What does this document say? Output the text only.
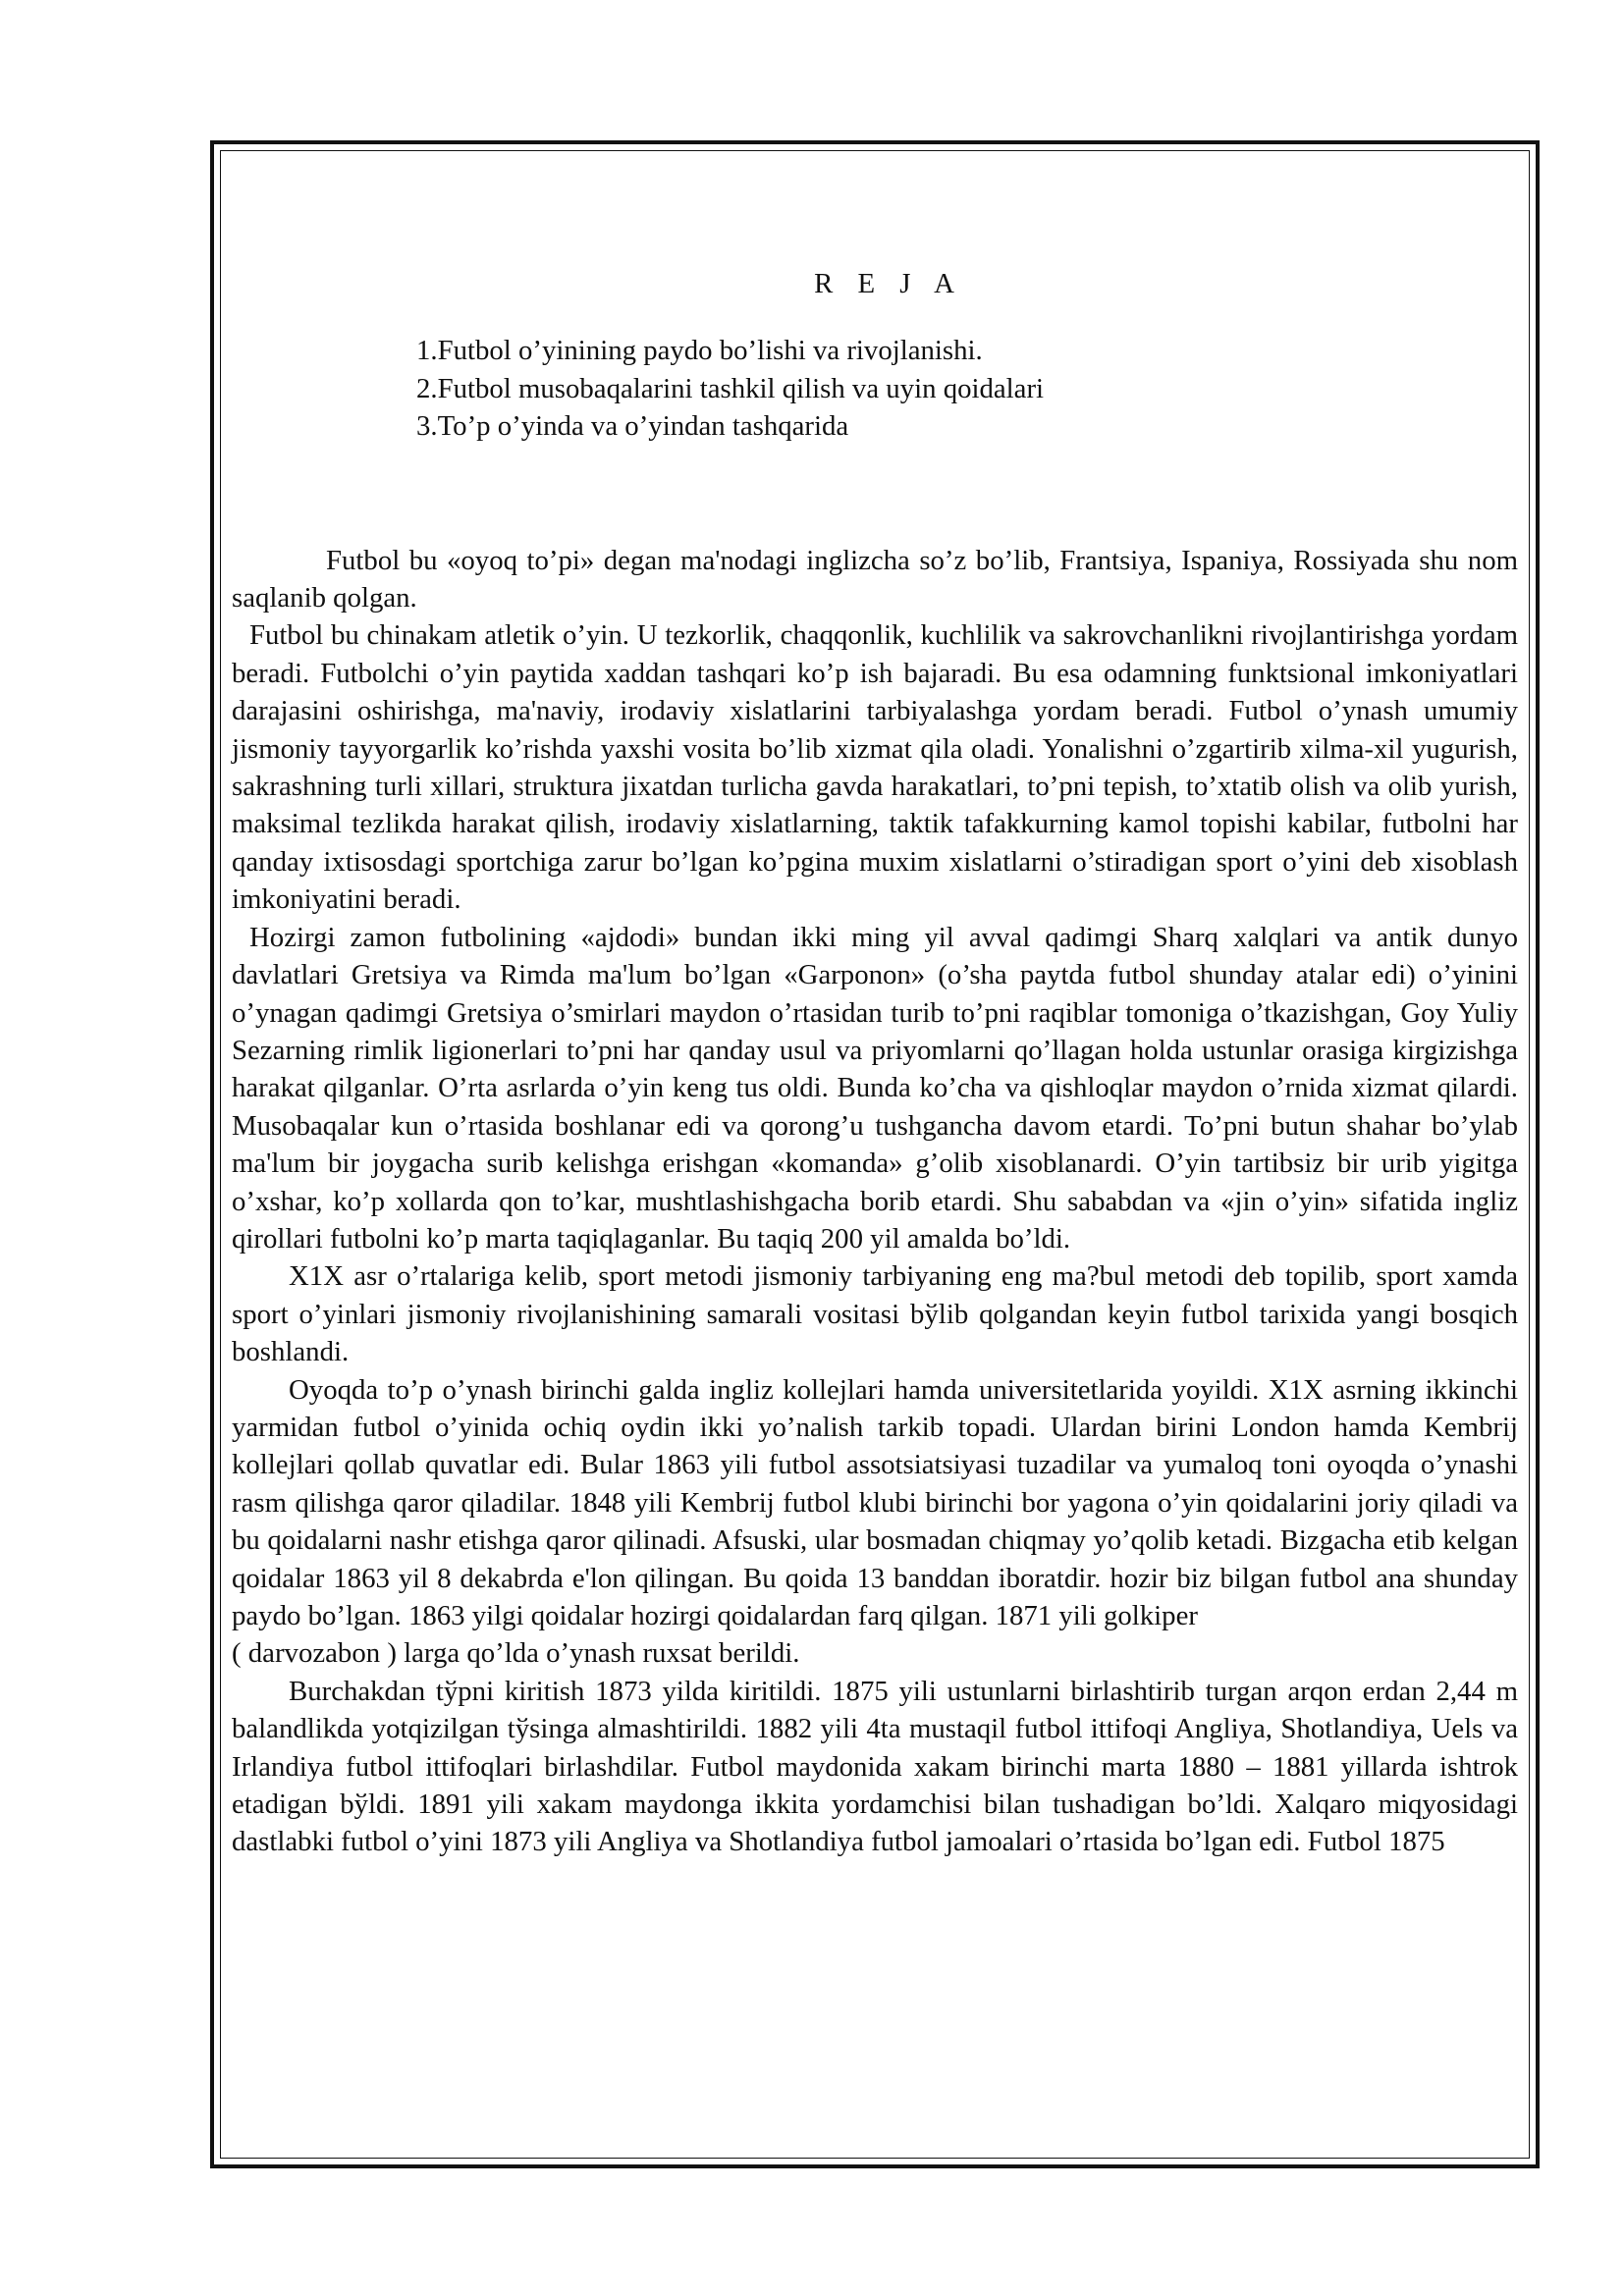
R E J A
1.Futbol o’yinining paydo bo’lishi va rivojlanishi.
2.Futbol musobaqalarini tashkil qilish va uyin qoidalari
3.To’p o’yinda va o’yindan tashqarida

Futbol bu «oyoq to’pi» degan ma'nodagi inglizcha so’z bo’lib, Frantsiya, Ispaniya, Rossiyada shu nom saqlanib qolgan.

Futbol bu chinakam atletik o’yin. U tezkorlik, chaqqonlik, kuchlilik va sakrovchanlikni rivojlantirishga yordam beradi. Futbolchi o’yin paytida xaddan tashqari ko’p ish bajaradi. Bu esa odamning funktsional imkoniyatlari darajasini oshirishga, ma'naviy, irodaviy xislatlarini tarbiyalashga yordam beradi. Futbol o’ynash umumiy jismoniy tayyorgarlik ko’rishda yaxshi vosita bo’lib xizmat qila oladi. Yonalishni o’zgartirib xilma-xil yugurish, sakrashning turli xillari, struktura jixatdan turlicha gavda harakatlari, to’pni tepish, to’xtatib olish va olib yurish, maksimal tezlikda harakat qilish, irodaviy xislatlarning, taktik tafakkurning kamol topishi kabilar, futbolni har qanday ixtisosdagi sportchiga zarur bo’lgan ko’pgina muxim xislatlarni o’stiradigan sport o’yini deb xisoblash imkoniyatini beradi.

Hozirgi zamon futbolining «ajdodi» bundan ikki ming yil avval qadimgi Sharq xalqlari va antik dunyo davlatlari Gretsiya va Rimda ma'lum bo’lgan «Garponon» (o’sha paytda futbol shunday atalar edi) o’yinini o’ynagan qadimgi Gretsiya o’smirlari maydon o’rtasidan turib to’pni raqiblar tomoniga o’tkazishgan, Goy Yuliy Sezarning rimlik ligionerlari to’pni har qanday usul va priyomlarni qo’llagan holda ustunlar orasiga kirgizishga harakat qilganlar. O’rta asrlarda o’yin keng tus oldi. Bunda ko’cha va qishloqlar maydon o’rnida xizmat qilardi. Musobaqalar kun o’rtasida boshlanar edi va qorong’u tushgancha davom etardi. To’pni butun shahar bo’ylab ma'lum bir joygacha surib kelishga erishgan «komanda» g’olib xisoblanardi. O’yin tartibsiz bir urib yigitga o’xshar, ko’p xollarda qon to’kar, mushtlashishgacha borib etardi. Shu sababdan va «jin o’yin» sifatida ingliz qirollari futbolni ko’p marta taqiqlaganlar. Bu taqiq 200 yil amalda bo’ldi.

X1X asr o’rtalariga kelib, sport metodi jismoniy tarbiyaning eng ma?bul metodi deb topilib, sport xamda sport o’yinlari jismoniy rivojlanishining samarali vositasi bўlib qolgandan keyin futbol tarixida yangi bosqich boshlandi.

Oyoqda to’p o’ynash birinchi galda ingliz kollejlari hamda universitetlarida yoyildi. X1X asrning ikkinchi yarmidan futbol o’yinida ochiq oydin ikki yo’nalish tarkib topadi. Ulardan birini London hamda Kembrij kollejlari qollab quvatlar edi. Bular 1863 yili futbol assotsiatsiyasi tuzadilar va yumaloq toni oyoqda o’ynashi rasm qilishga qaror qiladilar. 1848 yili Kembrij futbol klubi birinchi bor yagona o’yin qoidalarini joriy qiladi va bu qoidalarni nashr etishga qaror qilinadi. Afsuski, ular bosmadan chiqmay yo’qolib ketadi. Bizgacha etib kelgan qoidalar 1863 yil 8 dekabrda e'lon qilingan. Bu qoida 13 banddan iboratdir. hozir biz bilgan futbol ana shunday paydo bo’lgan. 1863 yilgi qoidalar hozirgi qoidalardan farq qilgan. 1871 yili golkiper

( darvozabon ) larga qo’lda o’ynash ruxsat berildi.

Burchakdan tўpni kiritish 1873 yilda kiritildi. 1875 yili ustunlarni birlashtirib turgan arqon erdan 2,44 m balandlikda yotqizilgan tўsinga almashtirildi. 1882 yili 4ta mustaqil futbol ittifoqi Angliya, Shotlandiya, Uels va Irlandiya futbol ittifoqlari birlashdilar. Futbol maydonida xakam birinchi marta 1880 – 1881 yillarda ishtrok etadigan bўldi. 1891 yili xakam maydonga ikkita yordamchisi bilan tushadigan bo’ldi. Xalqaro miqyosidagi dastlabki futbol o’yini 1873 yili Angliya va Shotlandiya futbol jamoalari o’rtasida bo’lgan edi. Futbol 1875
